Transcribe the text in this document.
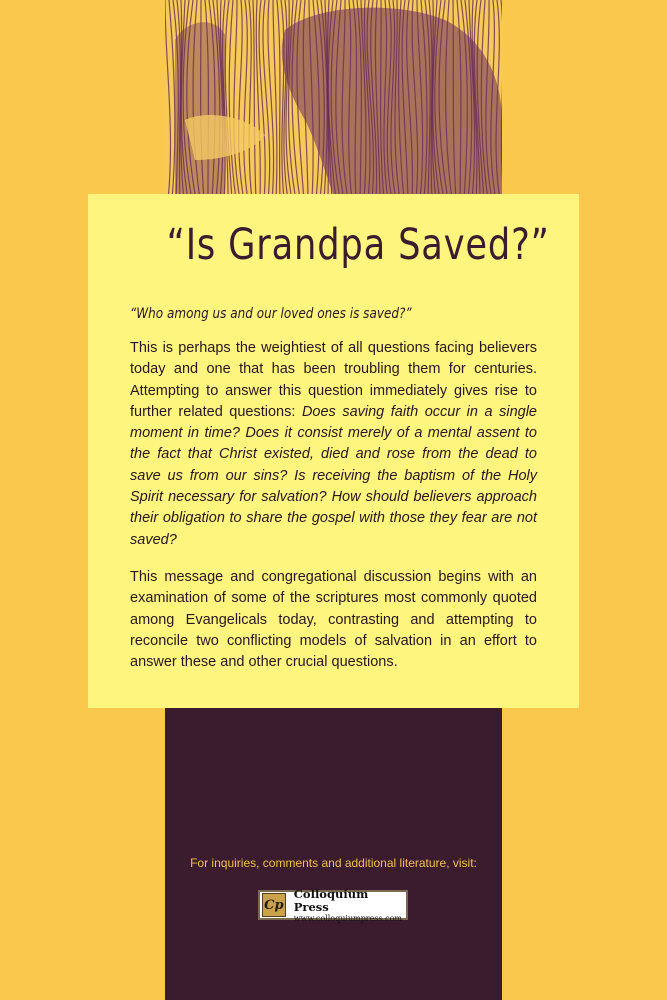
“Is Grandpa Saved?”

“Who among us and our loved ones is saved?”

This is perhaps the weightiest of all questions facing believers today and one that has been troubling them for centuries. Attempting to answer this question immediately gives rise to further related questions: Does saving faith occur in a single moment in time? Does it consist merely of a mental assent to the fact that Christ existed, died and rose from the dead to save us from our sins? Is receiving the baptism of the Holy Spirit necessary for salvation? How should believers approach their obligation to share the gospel with those they fear are not saved?

This message and congregational discussion begins with an examination of some of the scriptures most commonly quoted among Evangelicals today, contrasting and attempting to reconcile two conflicting models of salvation in an effort to answer these and other crucial questions.

For inquiries, comments and additional literature, visit:
Cp
Colloquium Press
www.colloquiumpress.com
